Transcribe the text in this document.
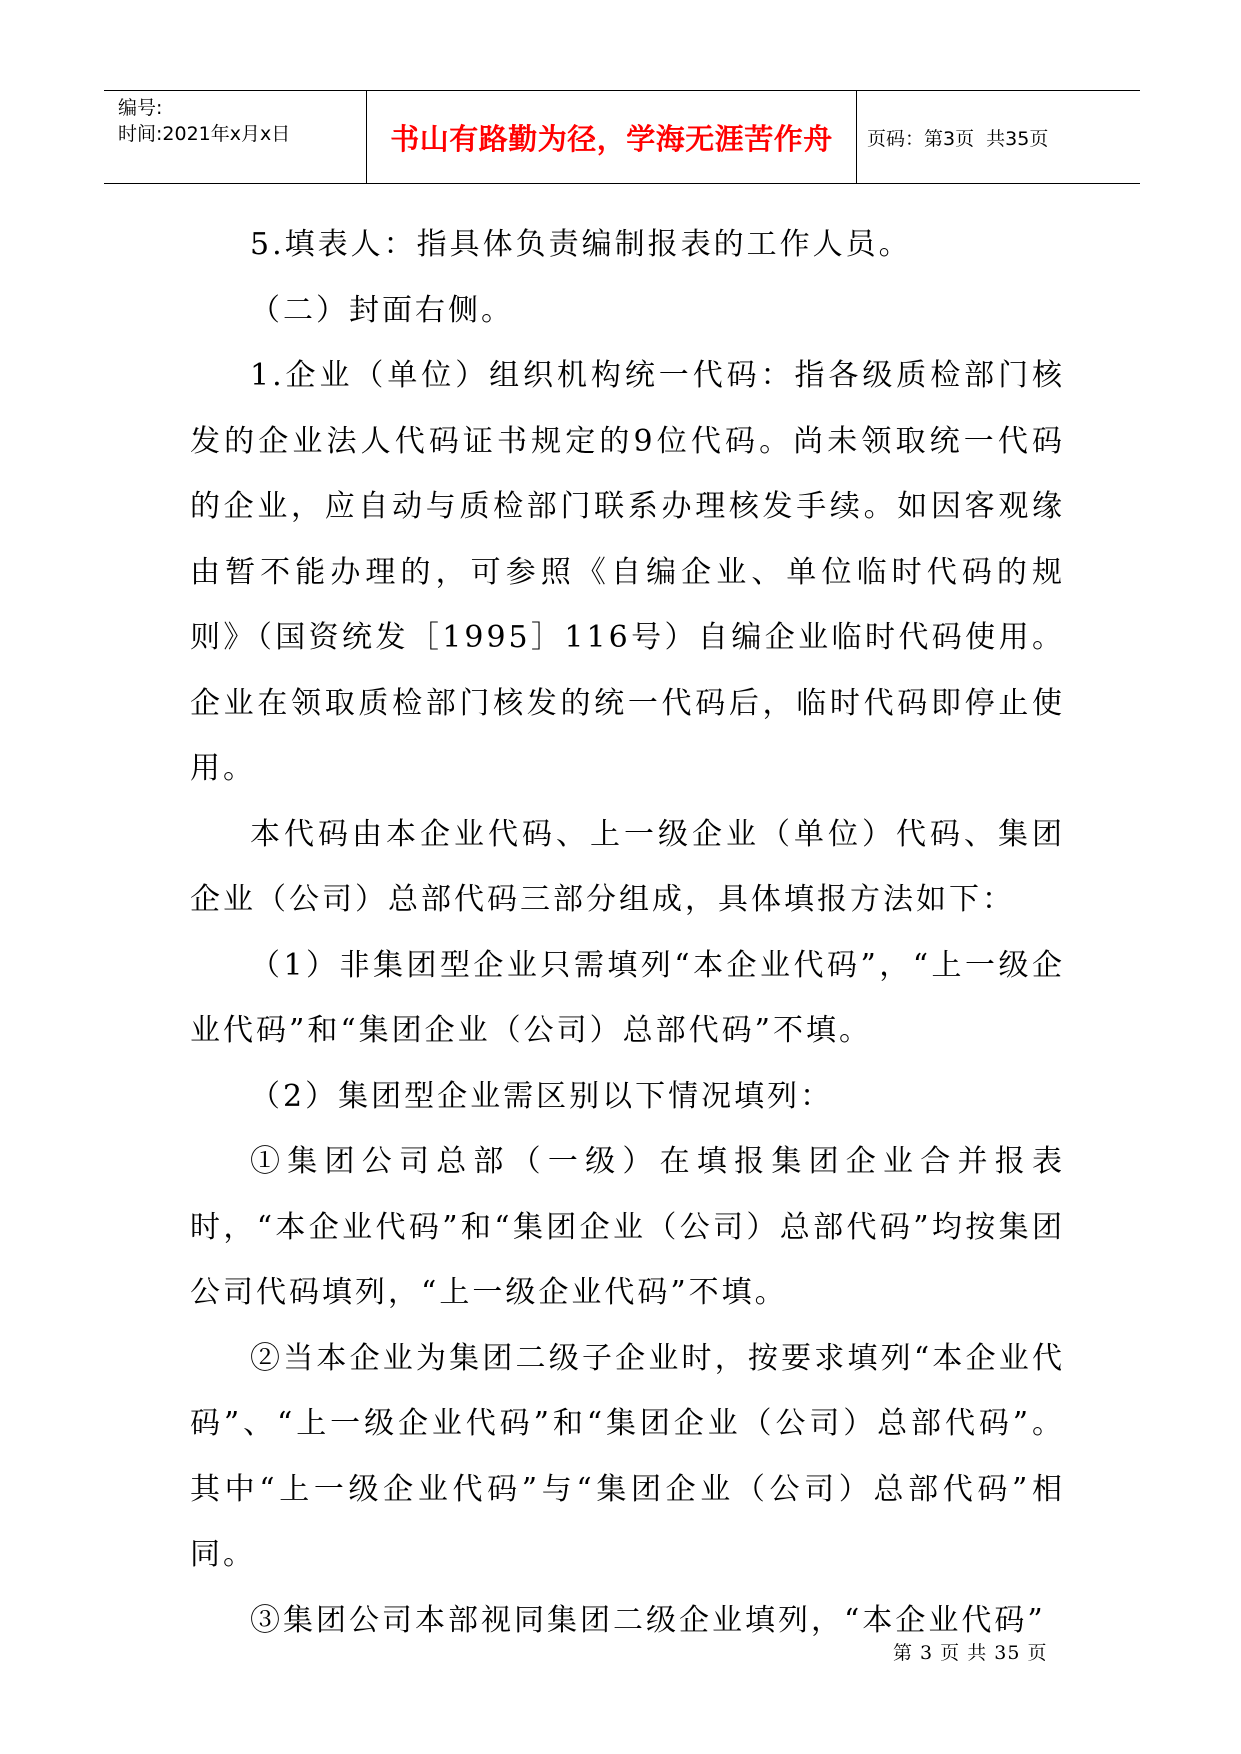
编号:
时间:2021年x月x日	书山有路勤为径，学海无涯苦作舟 页码：第3页  共35页

5.填表人：指具体负责编制报表的工作人员。

（二）封面右侧。

1.企业（单位）组织机构统一代码：指各级质检部门核发的企业法人代码证书规定的9位代码。尚未领取统一代码的企业，应自动与质检部门联系办理核发手续。如因客观缘由暂不能办理的，可参照《自编企业、单位临时代码的规则》（国资统发［1995］116号）自编企业临时代码使用。企业在领取质检部门核发的统一代码后，临时代码即停止使用。

本代码由本企业代码、上一级企业（单位）代码、集团企业（公司）总部代码三部分组成，具体填报方法如下：

（1）非集团型企业只需填列“本企业代码”，“上一级企业代码”和“集团企业（公司）总部代码”不填。

（2）集团型企业需区别以下情况填列：

①集团公司总部（一级）在填报集团企业合并报表时，“本企业代码”和“集团企业（公司）总部代码”均按集团公司代码填列，“上一级企业代码”不填。

②当本企业为集团二级子企业时，按要求填列“本企业代码”、“上一级企业代码”和“集团企业（公司）总部代码”。其中“上一级企业代码”与“集团企业（公司）总部代码”相同。

③集团公司本部视同集团二级企业填列，“本企业代码”

第 3 页 共 35 页
